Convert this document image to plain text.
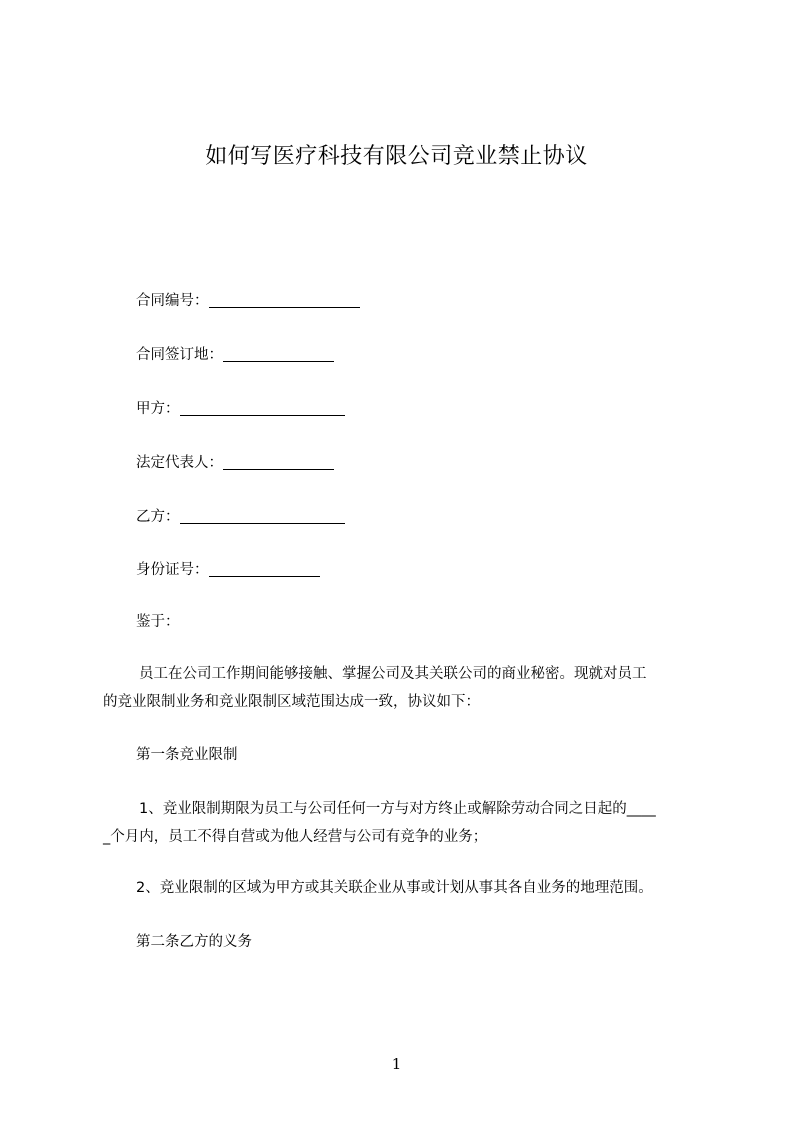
如何写医疗科技有限公司竞业禁止协议
合同编号：
合同签订地：
甲方：
法定代表人：
乙方：
身份证号：
鉴于：
员工在公司工作期间能够接触、掌握公司及其关联公司的商业秘密。现就对员工
的竞业限制业务和竞业限制区域范围达成一致，协议如下：
第一条竞业限制
1、竞业限制期限为员工与公司任何一方与对方终止或解除劳动合同之日起的____
_个月内，员工不得自营或为他人经营与公司有竞争的业务；
2、竞业限制的区域为甲方或其关联企业从事或计划从事其各自业务的地理范围。
第二条乙方的义务
1
